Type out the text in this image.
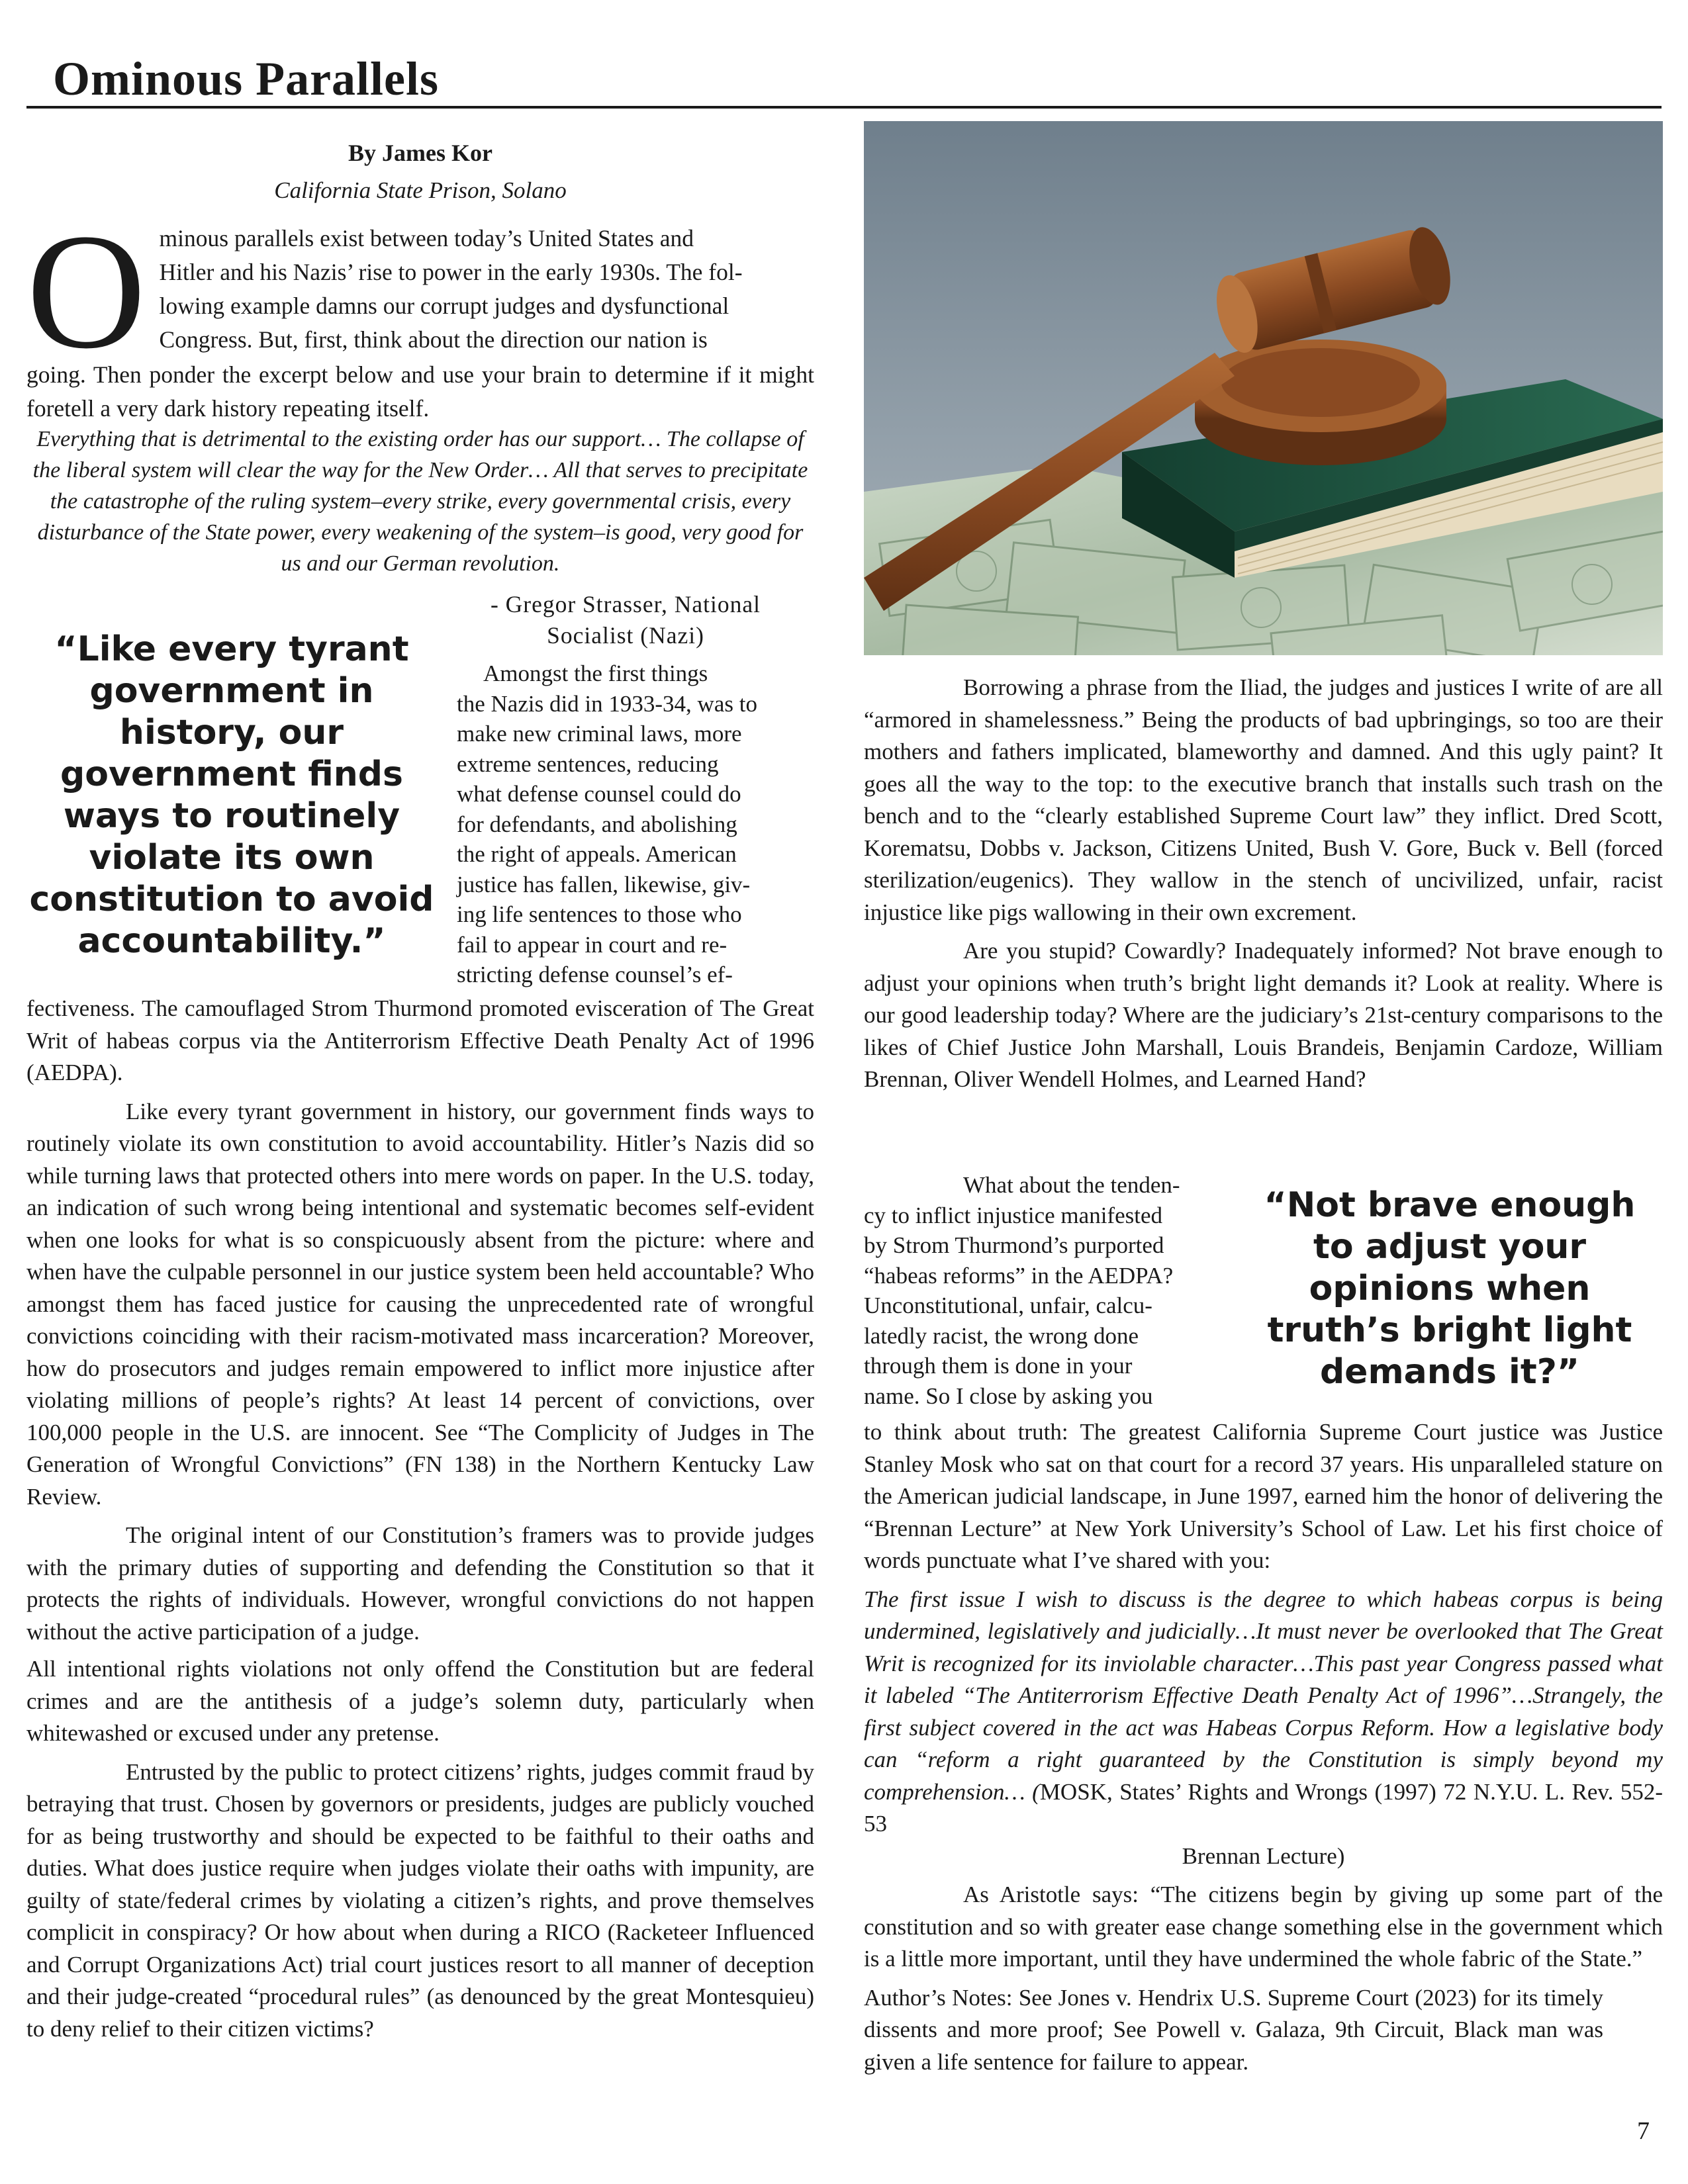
Ominous Parallels
By James Kor
California State Prison, Solano
O minous parallels exist between today’s United States and
Hitler and his Nazis’ rise to power in the early 1930s. The fol-
lowing example damns our corrupt judges and dysfunctional
Congress. But, first, think about the direction our nation is

going. Then ponder the excerpt below and use your brain to determine if it might foretell a very dark history repeating itself.

Everything that is detrimental to the existing order has our support… The collapse of the liberal system will clear the way for the New Order… All that serves to precipitate the catastrophe of the ruling system–every strike, every governmental crisis, every disturbance of the State power, every weakening of the system–is good, very good for us and our German revolution.
- Gregor Strasser, National
Socialist (Nazi)
“Like every tyrant government in history, our government finds ways to routinely violate its own constitution to avoid accountability.”
Amongst the first things
the Nazis did in 1933-34, was to
make new criminal laws, more
extreme sentences, reducing
what defense counsel could do
for defendants, and abolishing
the right of appeals. American
justice has fallen, likewise, giv-
ing life sentences to those who
fail to appear in court and re-
stricting defense counsel’s ef-

fectiveness. The camouflaged Strom Thurmond promoted evisceration of The Great Writ of habeas corpus via the Antiterrorism Effective Death Penalty Act of 1996 (AEDPA).

Like every tyrant government in history, our government finds ways to routinely violate its own constitution to avoid accountability. Hitler’s Nazis did so while turning laws that protected others into mere words on paper. In the U.S. today, an indication of such wrong being intentional and systematic becomes self-evident when one looks for what is so conspicuously absent from the picture: where and when have the culpable personnel in our justice system been held accountable? Who amongst them has faced justice for causing the unprecedented rate of wrongful convictions coinciding with their racism-motivated mass incarceration? Moreover, how do prosecutors and judges remain empowered to inflict more injustice after violating millions of people’s rights? At least 14 percent of convictions, over 100,000 people in the U.S. are innocent. See “The Complicity of Judges in The Generation of Wrongful Convictions” (FN 138) in the Northern Kentucky Law Review.

The original intent of our Constitution’s framers was to provide judges with the primary duties of supporting and defending the Constitution so that it protects the rights of individuals. However, wrongful convictions do not happen without the active participation of a judge.

All intentional rights violations not only offend the Constitution but are federal crimes and are the antithesis of a judge’s solemn duty, particularly when whitewashed or excused under any pretense.

Entrusted by the public to protect citizens’ rights, judges commit fraud by betraying that trust. Chosen by governors or presidents, judges are publicly vouched for as being trustworthy and should be expected to be faithful to their oaths and duties. What does justice require when judges violate their oaths with impunity, are guilty of state/federal crimes by violating a citizen’s rights, and prove themselves complicit in conspiracy? Or how about when during a RICO (Racketeer Influenced and Corrupt Organizations Act) trial court justices resort to all manner of deception and their judge-created “procedural rules” (as denounced by the great Montesquieu) to deny relief to their citizen victims?

Borrowing a phrase from the Iliad, the judges and justices I write of are all “armored in shamelessness.” Being the products of bad upbringings, so too are their mothers and fathers implicated, blameworthy and damned. And this ugly paint? It goes all the way to the top: to the executive branch that installs such trash on the bench and to the “clearly established Supreme Court law” they inflict. Dred Scott, Korematsu, Dobbs v. Jackson, Citizens United, Bush V. Gore, Buck v. Bell (forced sterilization/eugenics). They wallow in the stench of uncivilized, unfair, racist injustice like pigs wallowing in their own excrement.

Are you stupid? Cowardly? Inadequately informed? Not brave enough to adjust your opinions when truth’s bright light demands it? Look at reality. Where is our good leadership today? Where are the judiciary’s 21st-century comparisons to the likes of Chief Justice John Marshall, Louis Brandeis, Benjamin Cardoze, William Brennan, Oliver Wendell Holmes, and Learned Hand?

What about the tenden-
cy to inflict injustice manifested
by Strom Thurmond’s purported
“habeas reforms” in the AEDPA?
Unconstitutional, unfair, calcu-
latedly racist, the wrong done
through them is done in your
name. So I close by asking you
“Not brave enough to adjust your opinions when truth’s bright light demands it?”

to think about truth: The greatest California Supreme Court justice was Justice Stanley Mosk who sat on that court for a record 37 years. His unparalleled stature on the American judicial landscape, in June 1997, earned him the honor of delivering the “Brennan Lecture” at New York University’s School of Law. Let his first choice of words punctuate what I’ve shared with you:

The first issue I wish to discuss is the degree to which habeas corpus is being undermined, legislatively and judicially…It must never be overlooked that The Great Writ is recognized for its inviolable character…This past year Congress passed what it labeled “The Antiterrorism Effective Death Penalty Act of 1996”…Strangely, the first subject covered in the act was Habeas Corpus Reform. How a legislative body can “reform a right guaranteed by the Constitution is simply beyond my comprehension… (MOSK, States’ Rights and Wrongs (1997) 72 N.Y.U. L. Rev. 552-53

Brennan Lecture)

As Aristotle says: “The citizens begin by giving up some part of the constitution and so with greater ease change something else in the government which is a little more important, until they have undermined the whole fabric of the State.”

Author’s Notes: See Jones v. Hendrix U.S. Supreme Court (2023) for its timely dissents and more proof; See Powell v. Galaza, 9th Circuit, Black man was given a life sentence for failure to appear.

7
